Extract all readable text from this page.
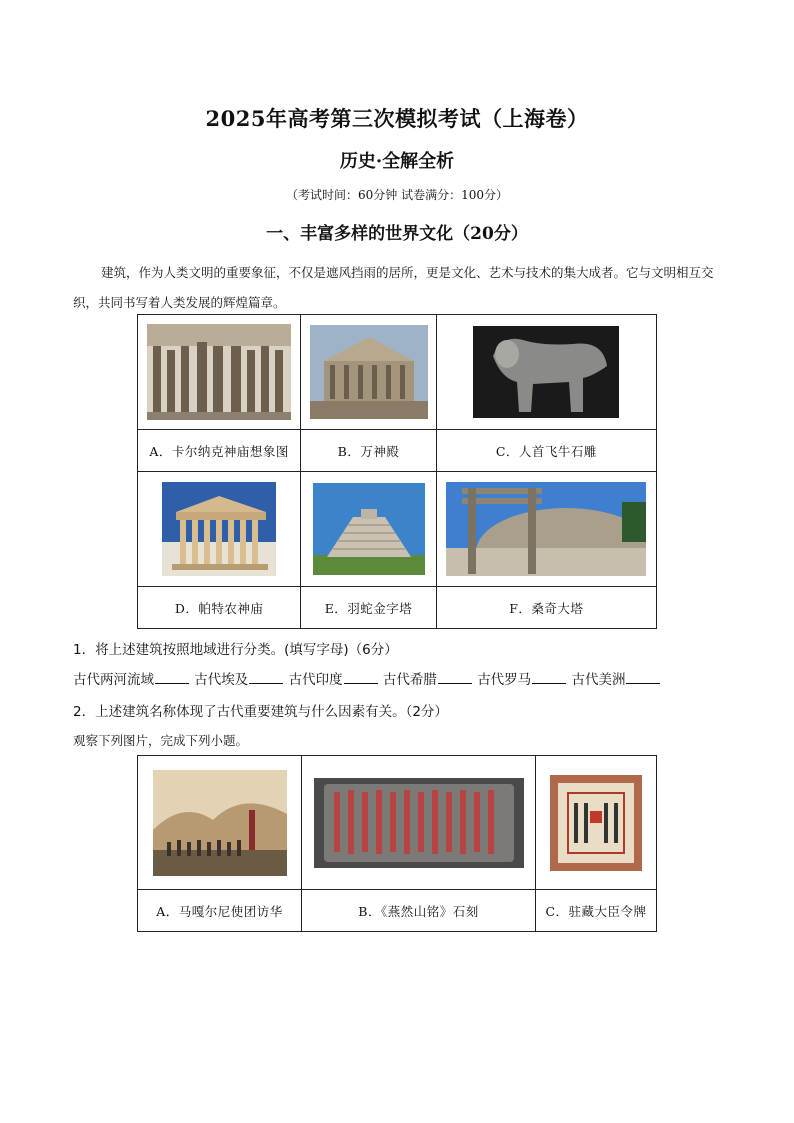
2025年高考第三次模拟考试（上海卷）
历史·全解全析
（考试时间：60分钟 试卷满分：100分）
一、丰富多样的世界文化（20分）
建筑，作为人类文明的重要象征，不仅是遮风挡雨的居所，更是文化、艺术与技术的集大成者。它与文明相互交织，共同书写着人类发展的辉煌篇章。

A．卡尔纳克神庙想象图	B．万神殿	C．人首飞牛石雕

D．帕特农神庙	E．羽蛇金字塔	F．桑奇大塔
1．将上述建筑按照地域进行分类。(填写字母)（6分）
古代两河流域	古代埃及	古代印度	古代希腊	古代罗马	古代美洲
2．上述建筑名称体现了古代重要建筑与什么因素有关。（2分）
观察下列图片，完成下列小题。

A．马嘎尔尼使团访华	B．《燕然山铭》石刻	C．驻藏大臣令牌
